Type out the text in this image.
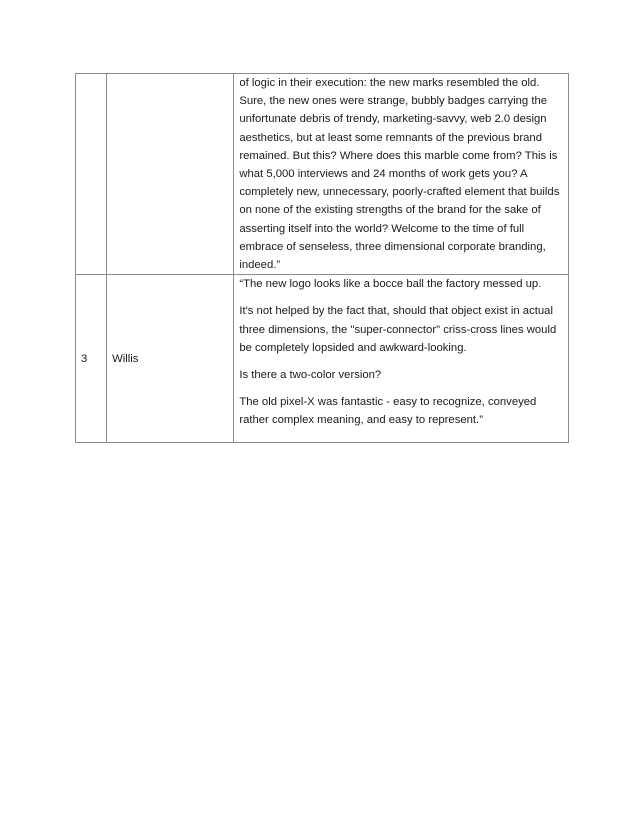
		of logic in their execution: the new marks resembled the old. Sure, the new ones were strange, bubbly badges carrying the unfortunate debris of trendy, marketing-savvy, web 2.0 design aesthetics, but at least some remnants of the previous brand remained. But this? Where does this marble come from? This is what 5,000 interviews and 24 months of work gets you? A completely new, unnecessary, poorly-crafted element that builds on none of the existing strengths of the brand for the sake of asserting itself into the world? Welcome to the time of full embrace of senseless, three dimensional corporate branding, indeed.”

3	Willis	“The new logo looks like a bocce ball the factory messed up.

It's not helped by the fact that, should that object exist in actual three dimensions, the "super-connector" criss-cross lines would be completely lopsided and awkward-looking.

Is there a two-color version?

The old pixel-X was fantastic - easy to recognize, conveyed rather complex meaning, and easy to represent.”
